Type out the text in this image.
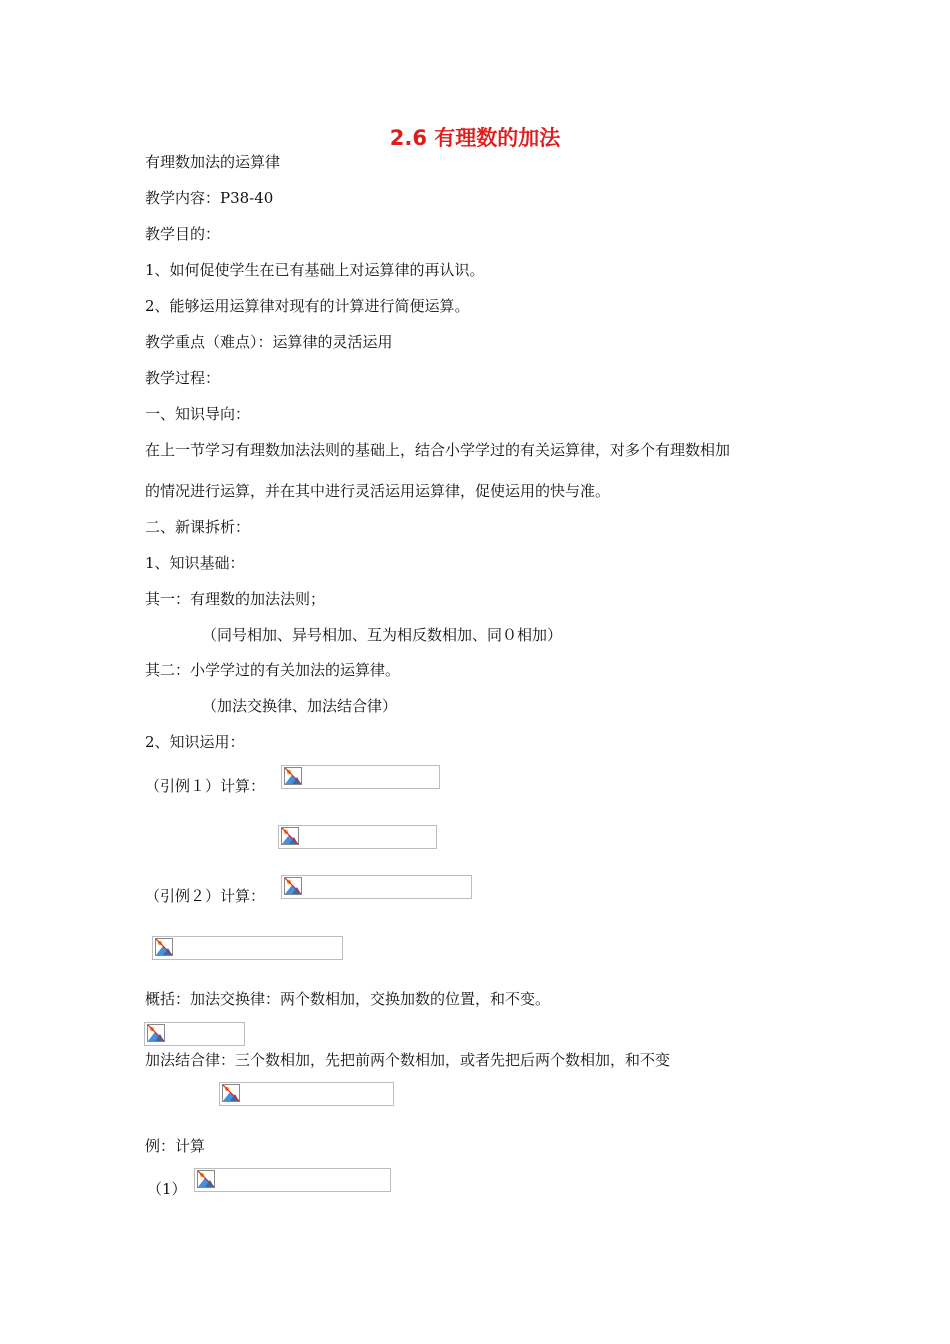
2.6 有理数的加法
有理数加法的运算律
教学内容：P38-40
教学目的：
1、如何促使学生在已有基础上对运算律的再认识。
2、能够运用运算律对现有的计算进行简便运算。
教学重点（难点）：运算律的灵活运用
教学过程：
一、知识导向：
在上一节学习有理数加法法则的基础上，结合小学学过的有关运算律，对多个有理数相加
的情况进行运算，并在其中进行灵活运用运算律，促使运用的快与准。
二、新课拆析：
1、知识基础：
其一：有理数的加法法则；
（同号相加、异号相加、互为相反数相加、同０相加）
其二：小学学过的有关加法的运算律。
（加法交换律、加法结合律）
2、知识运用：
（引例１）计算：
（引例２）计算：
概括：加法交换律：两个数相加，交换加数的位置，和不变。
加法结合律：三个数相加，先把前两个数相加，或者先把后两个数相加，和不变
例：计算
（1）
